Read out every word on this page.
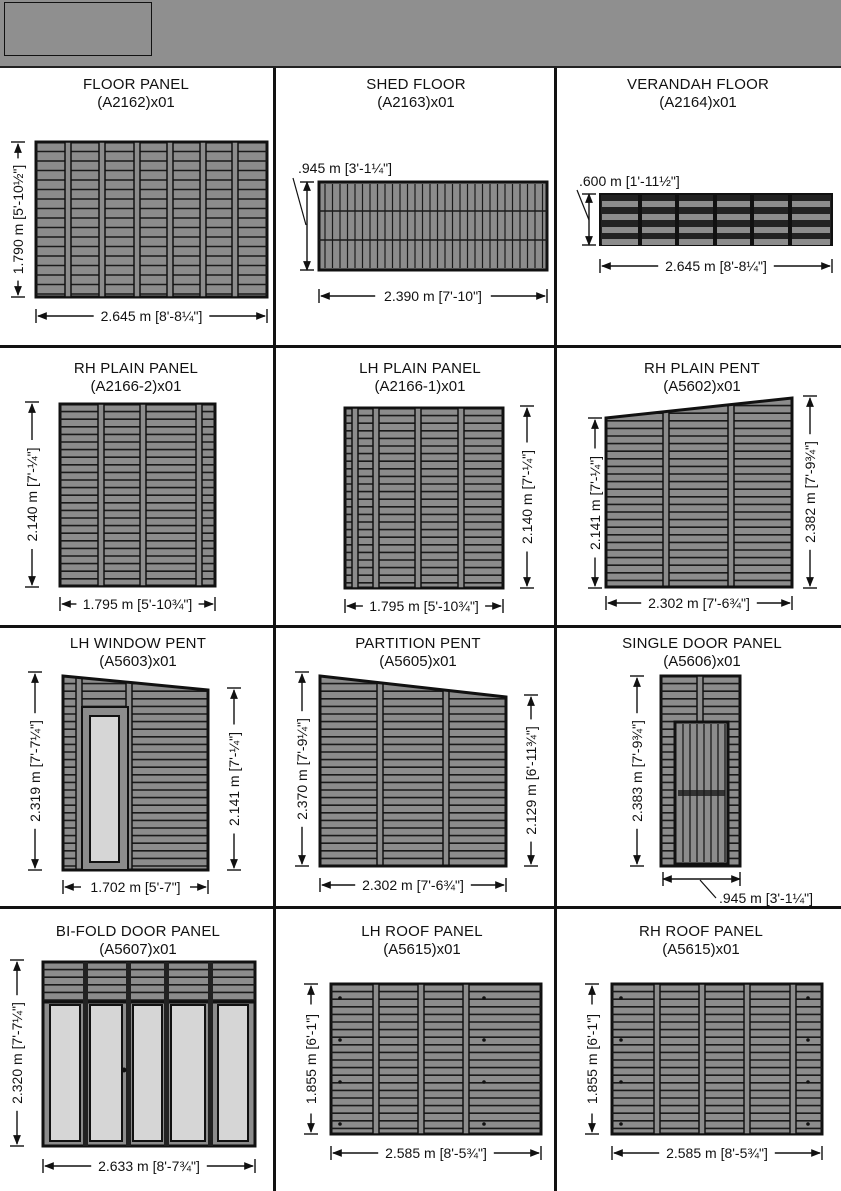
FLOOR PANEL
(A2162)x01
SHED FLOOR
(A2163)x01
VERANDAH FLOOR
(A2164)x01
RH PLAIN PANEL
(A2166-2)x01
LH PLAIN PANEL
(A2166-1)x01
RH PLAIN PENT
(A5602)x01
LH WINDOW PENT
(A5603)x01
PARTITION PENT
(A5605)x01
SINGLE DOOR PANEL
(A5606)x01
BI-FOLD DOOR PANEL
(A5607)x01
LH ROOF PANEL
(A5615)x01
RH ROOF PANEL
(A5615)x01
2.645 m [8'-8¼"]
1.790 m [5'-10½"]
2.390 m [7'-10"]
.945 m [3'-1¼"]
2.645 m [8'-8¼"]
.600 m [1'-11½"]
2.140 m [7'-¼"]
1.795 m [5'-10¾"]
2.140 m [7'-¼"]
1.795 m [5'-10¾"]
2.141 m [7'-¼"]	2.382 m [7'-9¾"]
2.302 m [7'-6¾"]
2.319 m [7'-7¼"]	2.141 m [7'-¼"]
1.702 m [5'-7"]
2.370 m [7'-9¼"]	2.129 m [6'-11¾"]
2.302 m [7'-6¾"]
2.383 m [7'-9¾"]
.945 m [3'-1¼"]
2.320 m [7'-7¼"]
2.633 m [8'-7¾"]
1.855 m [6'-1"]
2.585 m [8'-5¾"]
1.855 m [6'-1"]
2.585 m [8'-5¾"]
